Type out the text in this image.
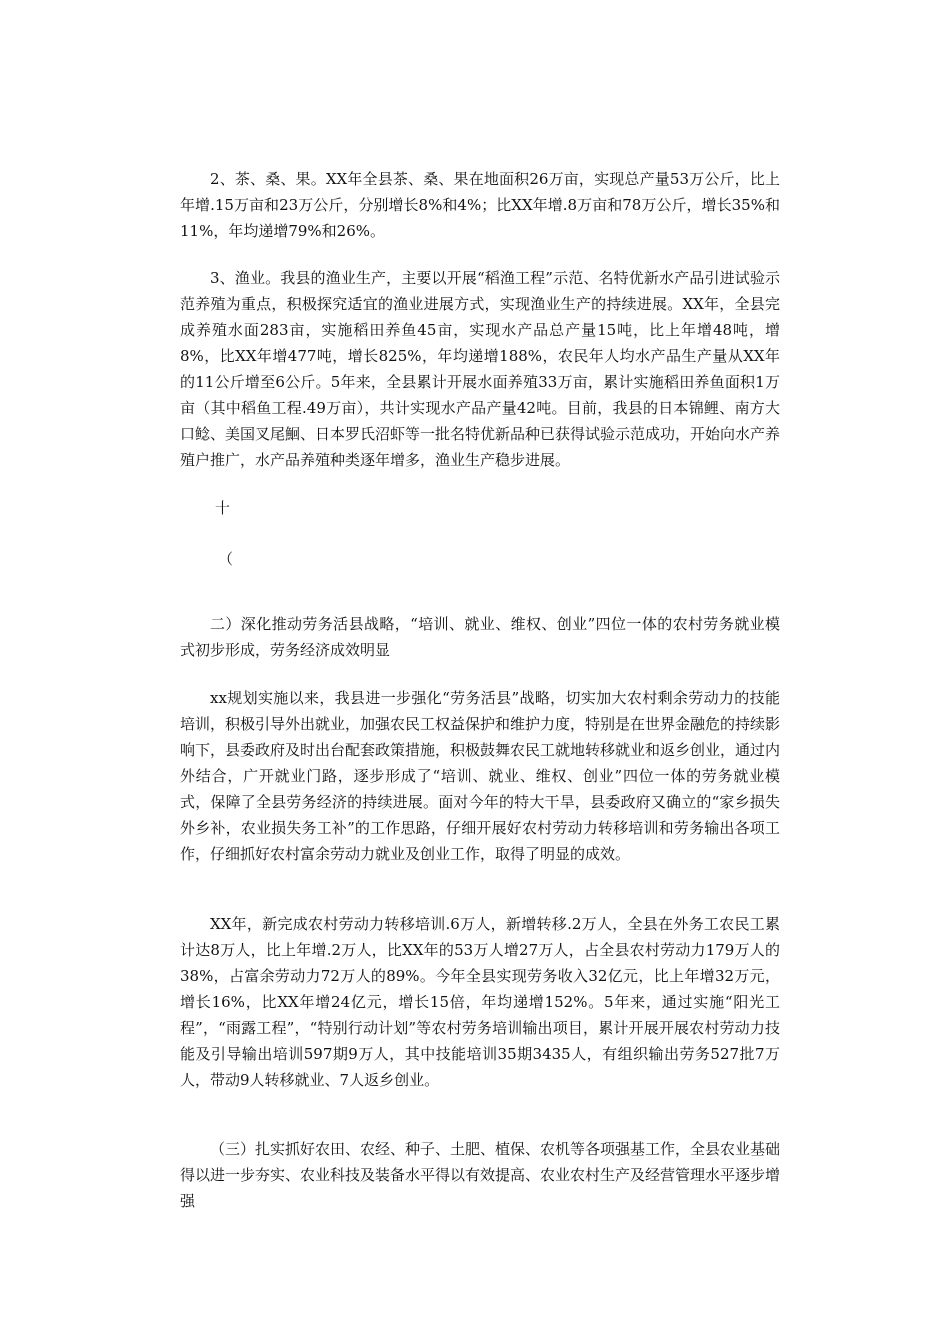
2、茶、桑、果。XX年全县茶、桑、果在地面积26万亩，实现总产量53万公斤，比上年增.15万亩和23万公斤，分别增长8%和4%；比XX年增.8万亩和78万公斤，增长35%和11%，年均递增79%和26%。

3、渔业。我县的渔业生产，主要以开展“稻渔工程”示范、名特优新水产品引进试验示范养殖为重点，积极探究适宜的渔业进展方式，实现渔业生产的持续进展。XX年，全县完成养殖水面283亩，实施稻田养鱼45亩，实现水产品总产量15吨，比上年增48吨，增8%，比XX年增477吨，增长825%，年均递增188%，农民年人均水产品生产量从XX年的11公斤增至6公斤。5年来，全县累计开展水面养殖33万亩，累计实施稻田养鱼面积1万亩（其中稻鱼工程.49万亩），共计实现水产品产量42吨。目前，我县的日本锦鲤、南方大口鲶、美国叉尾鮰、日本罗氏沼虾等一批名特优新品种已获得试验示范成功，开始向水产养殖户推广，水产品养殖种类逐年增多，渔业生产稳步进展。

十
（

二）深化推动劳务活县战略，“培训、就业、维权、创业”四位一体的农村劳务就业模式初步形成，劳务经济成效明显

xx规划实施以来，我县进一步强化“劳务活县”战略，切实加大农村剩余劳动力的技能培训，积极引导外出就业，加强农民工权益保护和维护力度，特别是在世界金融危的持续影响下，县委政府及时出台配套政策措施，积极鼓舞农民工就地转移就业和返乡创业，通过内外结合，广开就业门路，逐步形成了“培训、就业、维权、创业”四位一体的劳务就业模式，保障了全县劳务经济的持续进展。面对今年的特大干旱，县委政府又确立的“家乡损失外乡补，农业损失务工补”的工作思路，仔细开展好农村劳动力转移培训和劳务输出各项工作，仔细抓好农村富余劳动力就业及创业工作，取得了明显的成效。

XX年，新完成农村劳动力转移培训.6万人，新增转移.2万人，全县在外务工农民工累计达8万人，比上年增.2万人，比XX年的53万人增27万人，占全县农村劳动力179万人的38%，占富余劳动力72万人的89%。今年全县实现劳务收入32亿元，比上年增32万元，增长16%，比XX年增24亿元，增长15倍，年均递增152%。5年来，通过实施“阳光工程”，“雨露工程”，“特别行动计划”等农村劳务培训输出项目，累计开展开展农村劳动力技能及引导输出培训597期9万人，其中技能培训35期3435人，有组织输出劳务527批7万人，带动9人转移就业、7人返乡创业。

（三）扎实抓好农田、农经、种子、土肥、植保、农机等各项强基工作，全县农业基础得以进一步夯实、农业科技及装备水平得以有效提高、农业农村生产及经营管理水平逐步增强
